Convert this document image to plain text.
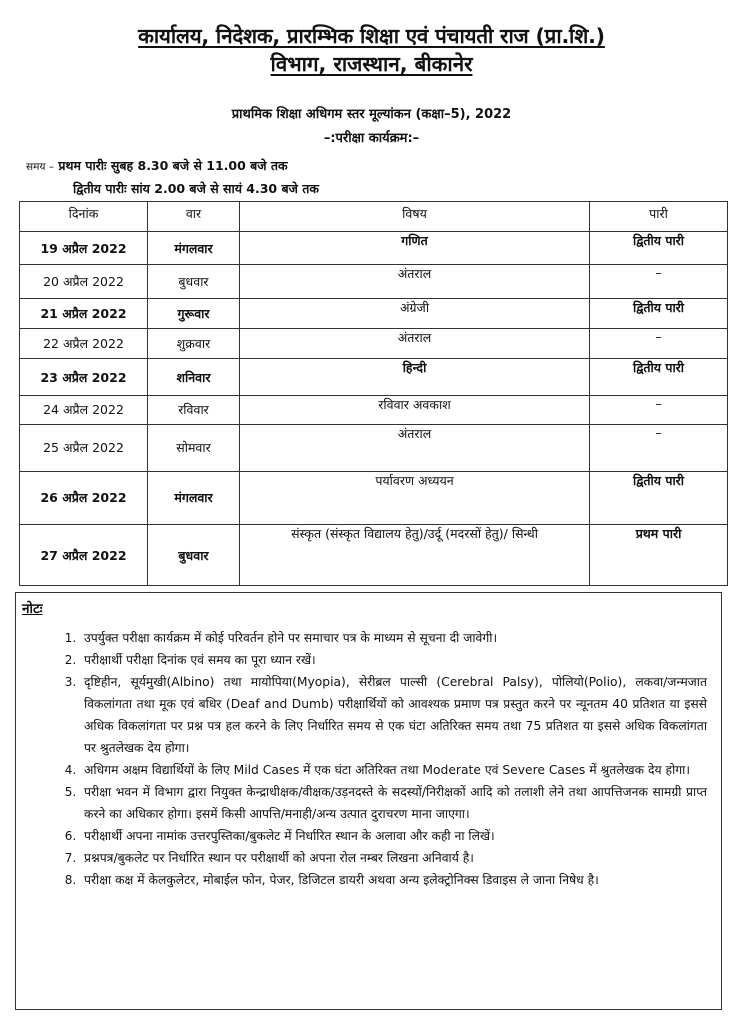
कार्यालय, निदेशक, प्रारम्भिक शिक्षा एवं पंचायती राज (प्रा.शि.)
विभाग, राजस्थान, बीकानेर
प्राथमिक शिक्षा अधिगम स्तर मूल्यांकन (कक्षा–5), 2022
–:परीक्षा कार्यक्रम:–
समय – प्रथम पारीः सुबह 8.30 बजे से 11.00 बजे तक
द्वितीय पारीः सांय 2.00 बजे से सायं 4.30 बजे तक
दिनांक	वार	विषय	पारी
19 अप्रैल 2022	मंगलवार	गणित	द्वितीय पारी
20 अप्रैल 2022	बुधवार	अंतराल	–
21 अप्रैल 2022	गुरूवार	अंग्रेजी	द्वितीय पारी
22 अप्रैल 2022	शुक्रवार	अंतराल	–
23 अप्रैल 2022	शनिवार	हिन्दी	द्वितीय पारी
24 अप्रैल 2022	रविवार	रविवार अवकाश	–
25 अप्रैल 2022	सोमवार	अंतराल	–
26 अप्रैल 2022	मंगलवार	पर्यावरण अध्ययन	द्वितीय पारी
27 अप्रैल 2022	बुधवार	संस्कृत (संस्कृत विद्यालय हेतु)/उर्दू (मदरसों हेतु)/ सिन्धी	प्रथम पारी
नोटः
1. उपर्युक्त परीक्षा कार्यक्रम में कोई परिवर्तन होने पर समाचार पत्र के माध्यम से सूचना दी जावेगी।
2. परीक्षार्थी परीक्षा दिनांक एवं समय का पूरा ध्यान रखें।
3. दृष्टिहीन, सूर्यमुखी(Albino) तथा मायोपिया(Myopia), सेरीब्रल पाल्सी (Cerebral Palsy), पोलियो(Polio), लकवा/जन्मजात विकलांगता तथा मूक एवं बधिर (Deaf and Dumb) परीक्षार्थियों को आवश्यक प्रमाण पत्र प्रस्तुत करने पर न्यूनतम 40 प्रतिशत या इससे अधिक विकलांगता पर प्रश्न पत्र हल करने के लिए निर्धारित समय से एक घंटा अतिरिक्त समय तथा 75 प्रतिशत या इससे अधिक विकलांगता पर श्रुतलेखक देय होगा।
4. अधिगम अक्षम विद्यार्थियों के लिए Mild Cases में एक घंटा अतिरिक्त तथा Moderate एवं Severe Cases में श्रुतलेखक देय होगा।
5. परीक्षा भवन में विभाग द्वारा नियुक्त केन्द्राधीक्षक/वीक्षक/उड़नदस्ते के सदस्यों/निरीक्षकों आदि को तलाशी लेने तथा आपत्तिजनक सामग्री प्राप्त करने का अधिकार होगा। इसमें किसी आपत्ति/मनाही/अन्य उत्पात दुराचरण माना जाएगा।
6. परीक्षार्थी अपना नामांक उत्तरपुस्तिका/बुकलेट में निर्धारित स्थान के अलावा और कही ना लिखें।
7. प्रश्नपत्र/बुकलेट पर निर्धारित स्थान पर परीक्षार्थी को अपना रोल नम्बर लिखना अनिवार्य है।
8. परीक्षा कक्ष में केलकुलेटर, मोबाईल फोन, पेजर, डिजिटल डायरी अथवा अन्य इलेक्ट्रोनिक्स डिवाइस ले जाना निषेध है।
